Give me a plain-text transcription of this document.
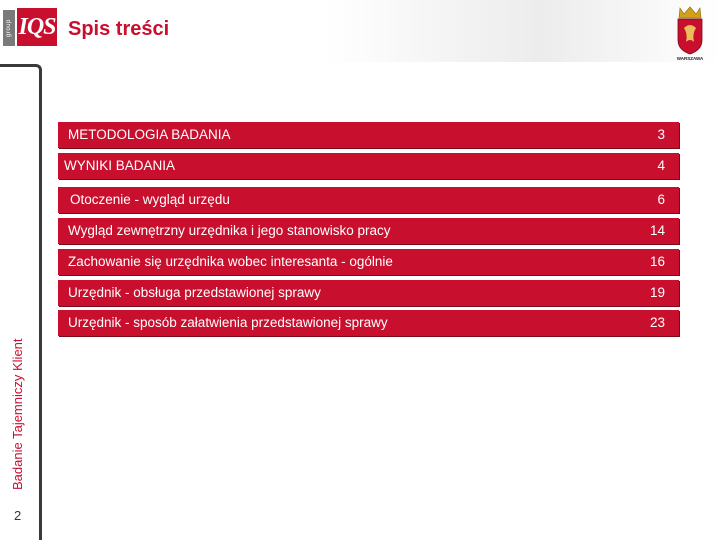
group IQS Spis treści
WARSZAWA
Badanie Tajemniczy Klient
2
METODOLOGIA BADANIA	3
WYNIKI BADANIA	4
Otoczenie - wygląd urzędu	6
Wygląd zewnętrzny urzędnika i jego stanowisko pracy	14
Zachowanie się urzędnika wobec interesanta - ogólnie	16
Urzędnik - obsługa przedstawionej sprawy	19
Urzędnik - sposób załatwienia przedstawionej sprawy	23
